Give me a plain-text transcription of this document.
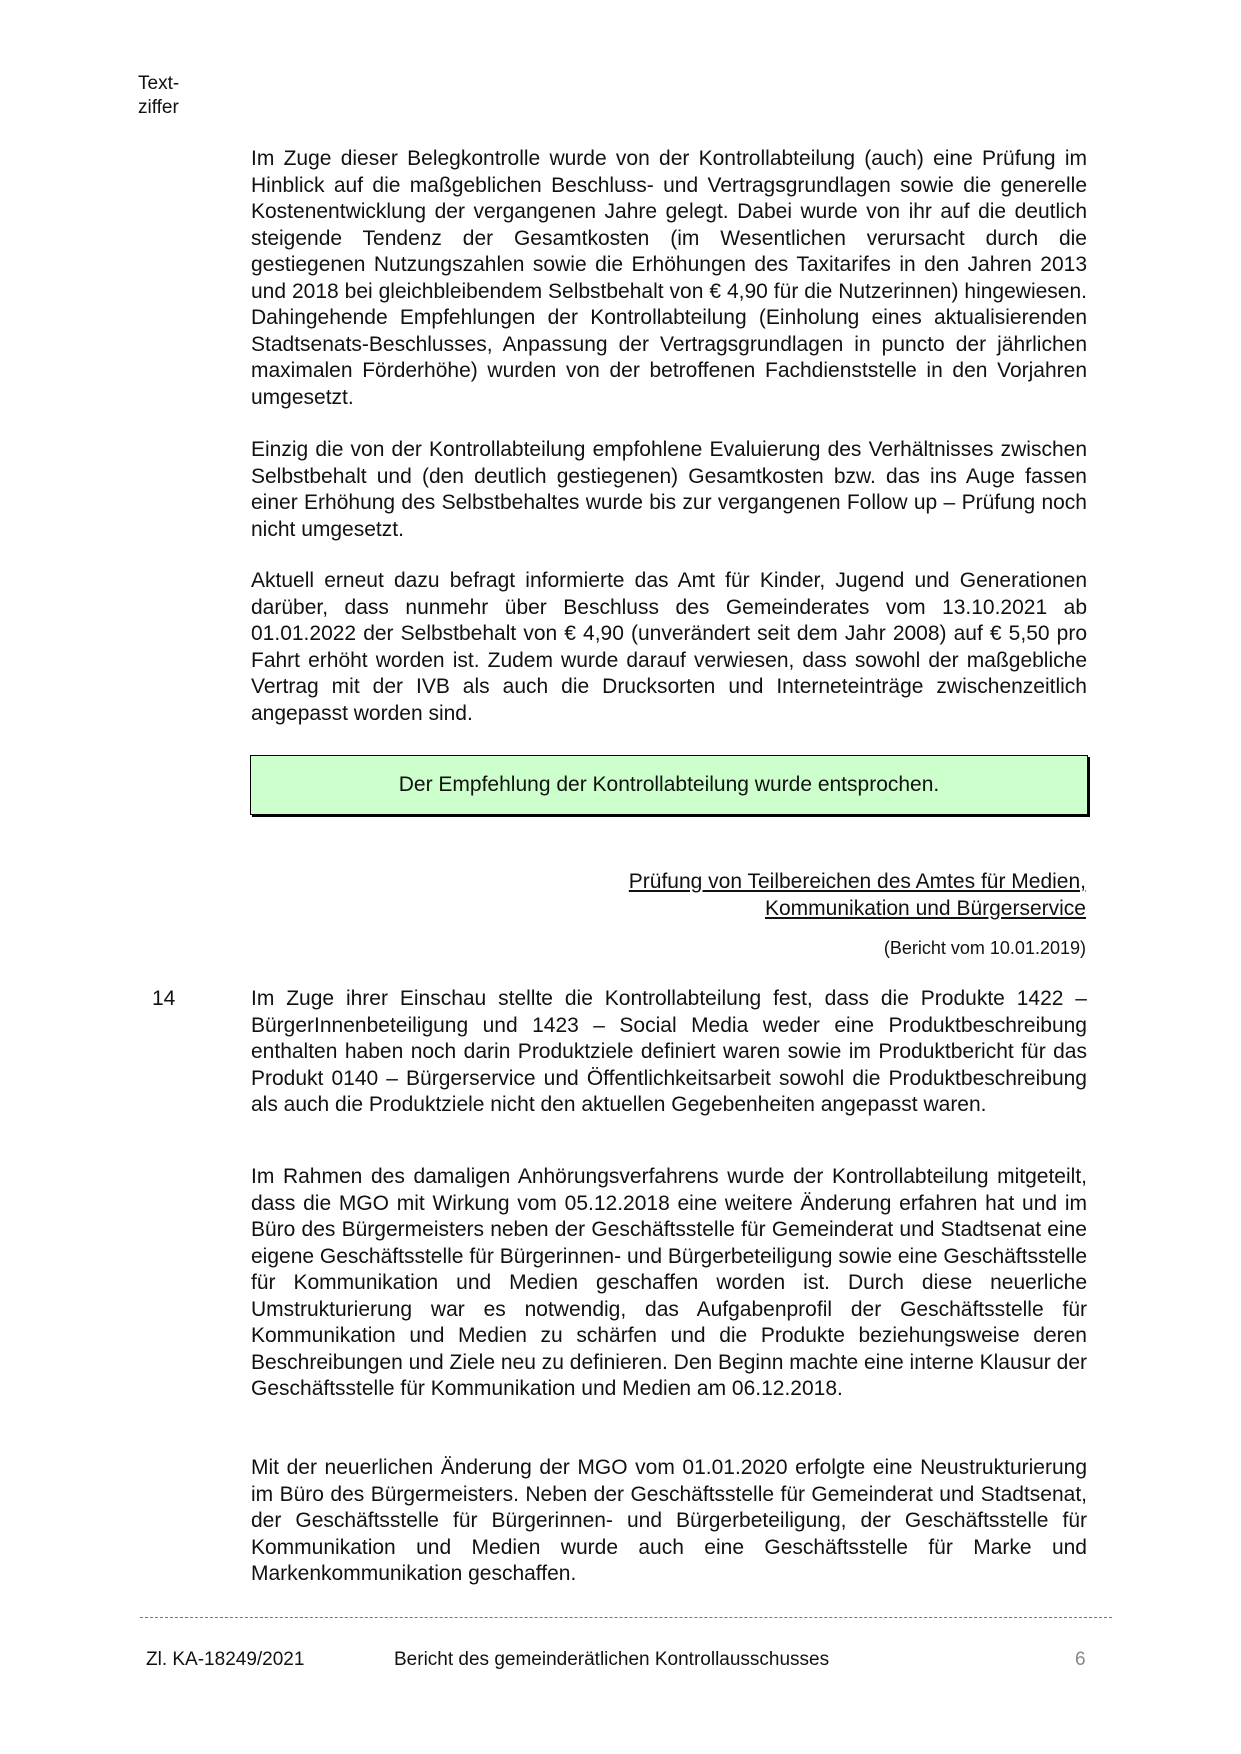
Text-
ziffer

Im Zuge dieser Belegkontrolle wurde von der Kontrollabteilung (auch) eine Prüfung im Hinblick auf die maßgeblichen Beschluss- und Vertragsgrundlagen sowie die generelle Kostenentwicklung der vergangenen Jahre gelegt. Dabei wurde von ihr auf die deutlich steigende Tendenz der Gesamtkosten (im Wesentlichen verursacht durch die gestiegenen Nutzungszahlen sowie die Erhöhungen des Taxitarifes in den Jahren 2013 und 2018 bei gleichbleibendem Selbstbehalt von € 4,90 für die Nutzerinnen) hingewiesen. Dahingehende Empfehlungen der Kontrollabteilung (Einholung eines aktualisierenden Stadtsenats-Beschlusses, Anpassung der Vertragsgrundlagen in puncto der jährlichen maximalen Förderhöhe) wurden von der betroffenen Fachdienststelle in den Vorjahren umgesetzt.

Einzig die von der Kontrollabteilung empfohlene Evaluierung des Verhältnisses zwischen Selbstbehalt und (den deutlich gestiegenen) Gesamtkosten bzw. das ins Auge fassen einer Erhöhung des Selbstbehaltes wurde bis zur vergangenen Follow up – Prüfung noch nicht umgesetzt.

Aktuell erneut dazu befragt informierte das Amt für Kinder, Jugend und Generationen darüber, dass nunmehr über Beschluss des Gemeinderates vom 13.10.2021 ab 01.01.2022 der Selbstbehalt von € 4,90 (unverändert seit dem Jahr 2008) auf € 5,50 pro Fahrt erhöht worden ist. Zudem wurde darauf verwiesen, dass sowohl der maßgebliche Vertrag mit der IVB als auch die Drucksorten und Interneteinträge zwischenzeitlich angepasst worden sind.

Der Empfehlung der Kontrollabteilung wurde entsprochen.
Prüfung von Teilbereichen des Amtes für Medien,
Kommunikation und Bürgerservice
(Bericht vom 10.01.2019)
14	Im Zuge ihrer Einschau stellte die Kontrollabteilung fest, dass die Produkte 1422 – BürgerInnenbeteiligung und 1423 – Social Media weder eine Produktbeschreibung enthalten haben noch darin Produktziele definiert waren sowie im Produktbericht für das Produkt 0140 – Bürgerservice und Öffentlichkeitsarbeit sowohl die Produktbeschreibung als auch die Produktziele nicht den aktuellen Gegebenheiten angepasst waren.

Im Rahmen des damaligen Anhörungsverfahrens wurde der Kontrollabteilung mitgeteilt, dass die MGO mit Wirkung vom 05.12.2018 eine weitere Änderung erfahren hat und im Büro des Bürgermeisters neben der Geschäftsstelle für Gemeinderat und Stadtsenat eine eigene Geschäftsstelle für Bürgerinnen- und Bürgerbeteiligung sowie eine Geschäftsstelle für Kommunikation und Medien geschaffen worden ist. Durch diese neuerliche Umstrukturierung war es notwendig, das Aufgabenprofil der Geschäftsstelle für Kommunikation und Medien zu schärfen und die Produkte beziehungsweise deren Beschreibungen und Ziele neu zu definieren. Den Beginn machte eine interne Klausur der Geschäftsstelle für Kommunikation und Medien am 06.12.2018.

Mit der neuerlichen Änderung der MGO vom 01.01.2020 erfolgte eine Neustrukturierung im Büro des Bürgermeisters. Neben der Geschäftsstelle für Gemeinderat und Stadtsenat, der Geschäftsstelle für Bürgerinnen- und Bürgerbeteiligung, der Geschäftsstelle für Kommunikation und Medien wurde auch eine Geschäftsstelle für Marke und Markenkommunikation geschaffen.

Zl. KA-18249/2021	Bericht des gemeinderätlichen Kontrollausschusses	6
